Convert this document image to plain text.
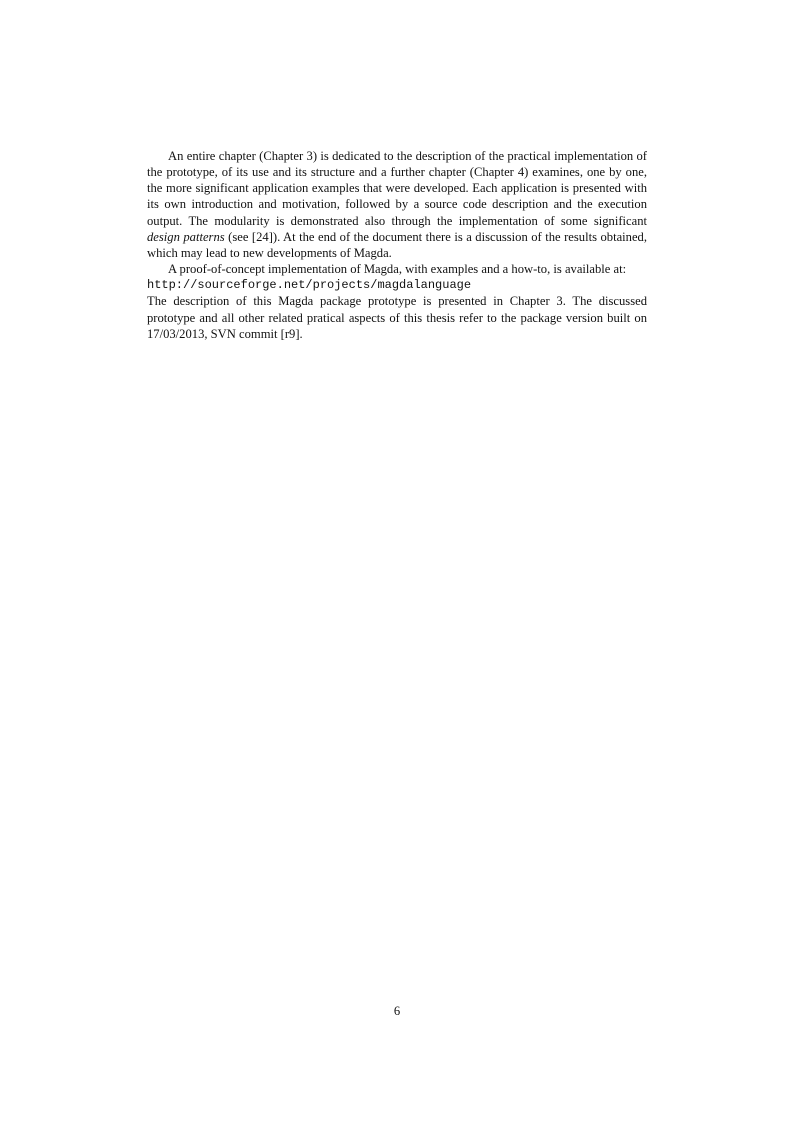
An entire chapter (Chapter 3) is dedicated to the description of the practical implementation of the prototype, of its use and its structure and a further chapter (Chapter 4) examines, one by one, the more significant application examples that were developed. Each application is presented with its own introduction and motivation, followed by a source code description and the execution output. The modularity is demonstrated also through the implementation of some significant design patterns (see [24]). At the end of the document there is a discussion of the results obtained, which may lead to new developments of Magda.

A proof-of-concept implementation of Magda, with examples and a how-to, is available at:

http://sourceforge.net/projects/magdalanguage

The description of this Magda package prototype is presented in Chapter 3. The discussed prototype and all other related pratical aspects of this thesis refer to the package version built on 17/03/2013, SVN commit [r9].

6
